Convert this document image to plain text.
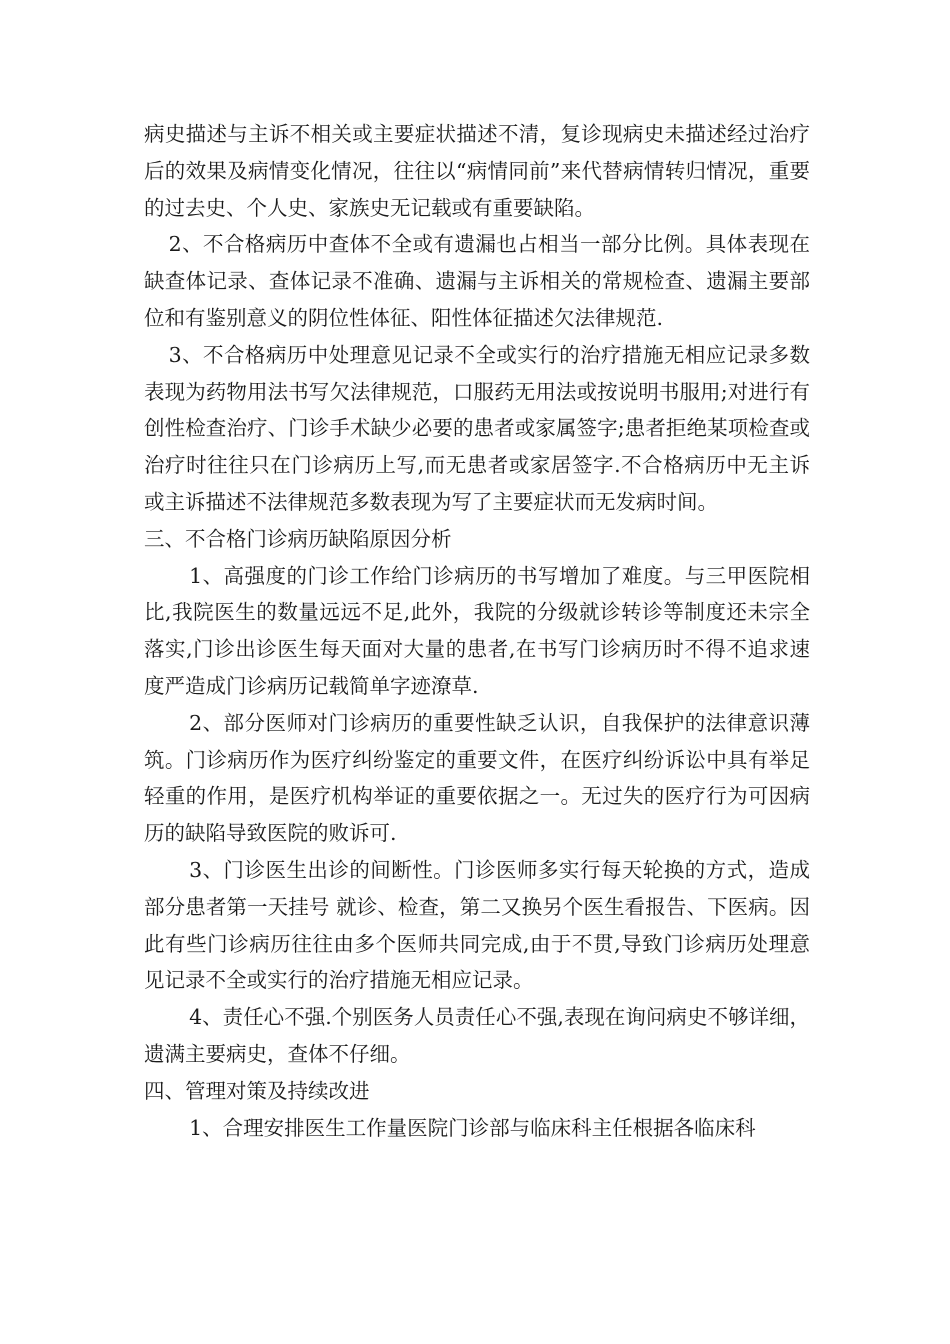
病史描述与主诉不相关或主要症状描述不清，复诊现病史未描述经过治疗后的效果及病情变化情况，往往以“病情同前”来代替病情转归情况，重要的过去史、个人史、家族史无记载或有重要缺陷。

2、不合格病历中查体不全或有遗漏也占相当一部分比例。具体表现在缺查体记录、查体记录不准确、遗漏与主诉相关的常规检查、遗漏主要部位和有鉴别意义的阴位性体征、阳性体征描述欠法律规范.

3、不合格病历中处理意见记录不全或实行的治疗措施无相应记录多数表现为药物用法书写欠法律规范，口服药无用法或按说明书服用;对进行有创性检查治疗、门诊手术缺少必要的患者或家属签字;患者拒绝某项检查或治疗时往往只在门诊病历上写,而无患者或家居签字.不合格病历中无主诉或主诉描述不法律规范多数表现为写了主要症状而无发病时间。

三、不合格门诊病历缺陷原因分析

1、高强度的门诊工作给门诊病历的书写增加了难度。与三甲医院相比,我院医生的数量远远不足,此外，我院的分级就诊转诊等制度还未宗全落实,门诊出诊医生每天面对大量的患者,在书写门诊病历时不得不追求速度严造成门诊病历记载简单字迹潦草.

2、部分医师对门诊病历的重要性缺乏认识，自我保护的法律意识薄筑。门诊病历作为医疗纠纷鉴定的重要文件，在医疗纠纷诉讼中具有举足轻重的作用，是医疗机构举证的重要依据之一。无过失的医疗行为可因病历的缺陷导致医院的败诉可.

3、门诊医生出诊的间断性。门诊医师多实行每天轮换的方式，造成部分患者第一天挂号 就诊、检查，第二又换另个医生看报告、下医病。因此有些门诊病历往往由多个医师共同完成,由于不贯,导致门诊病历处理意见记录不全或实行的治疗措施无相应记录。

4、责任心不强.个别医务人员责任心不强,表现在询问病史不够详细，遗满主要病史，查体不仔细。

四、管理对策及持续改进

1、合理安排医生工作量医院门诊部与临床科主任根据各临床科
